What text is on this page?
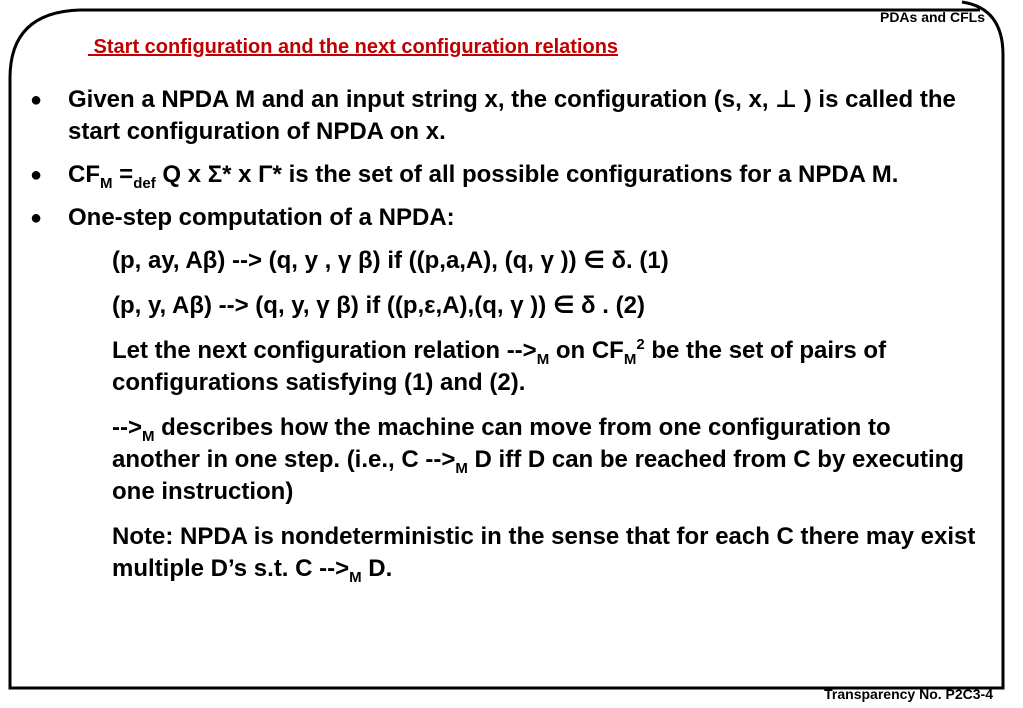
PDAs and CFLs
Start configuration and the next configuration relations
●	Given a NPDA M and an input string x, the configuration (s, x, ⊥ ) is called the start configuration of NPDA on x.
●	$CF_M =_{def}$ Q x Σ* x Γ* is the set of all possible configurations for a NPDA M.
●	One-step computation of a NPDA:
(p, ay, Aβ) --> (q, y , γ β) if ((p,a,A), (q, γ )) ∈ δ. (1)
(p, y, Aβ) --> (q, y, γ β) if ((p,ε,A),(q, γ )) ∈ δ . (2)
Let the next configuration relation $-->_M$ on $CF_M^2$ be the set of pairs of configurations satisfying (1) and (2).
$-->_M$ describes how the machine can move from one configuration to another in one step. (i.e., C $-->_M$ D iff D can be reached from C by executing one instruction)
Note: NPDA is nondeterministic in the sense that for each C there may exist multiple D’s s.t. C $-->_M$ D.
Transparency No. P2C3-4
